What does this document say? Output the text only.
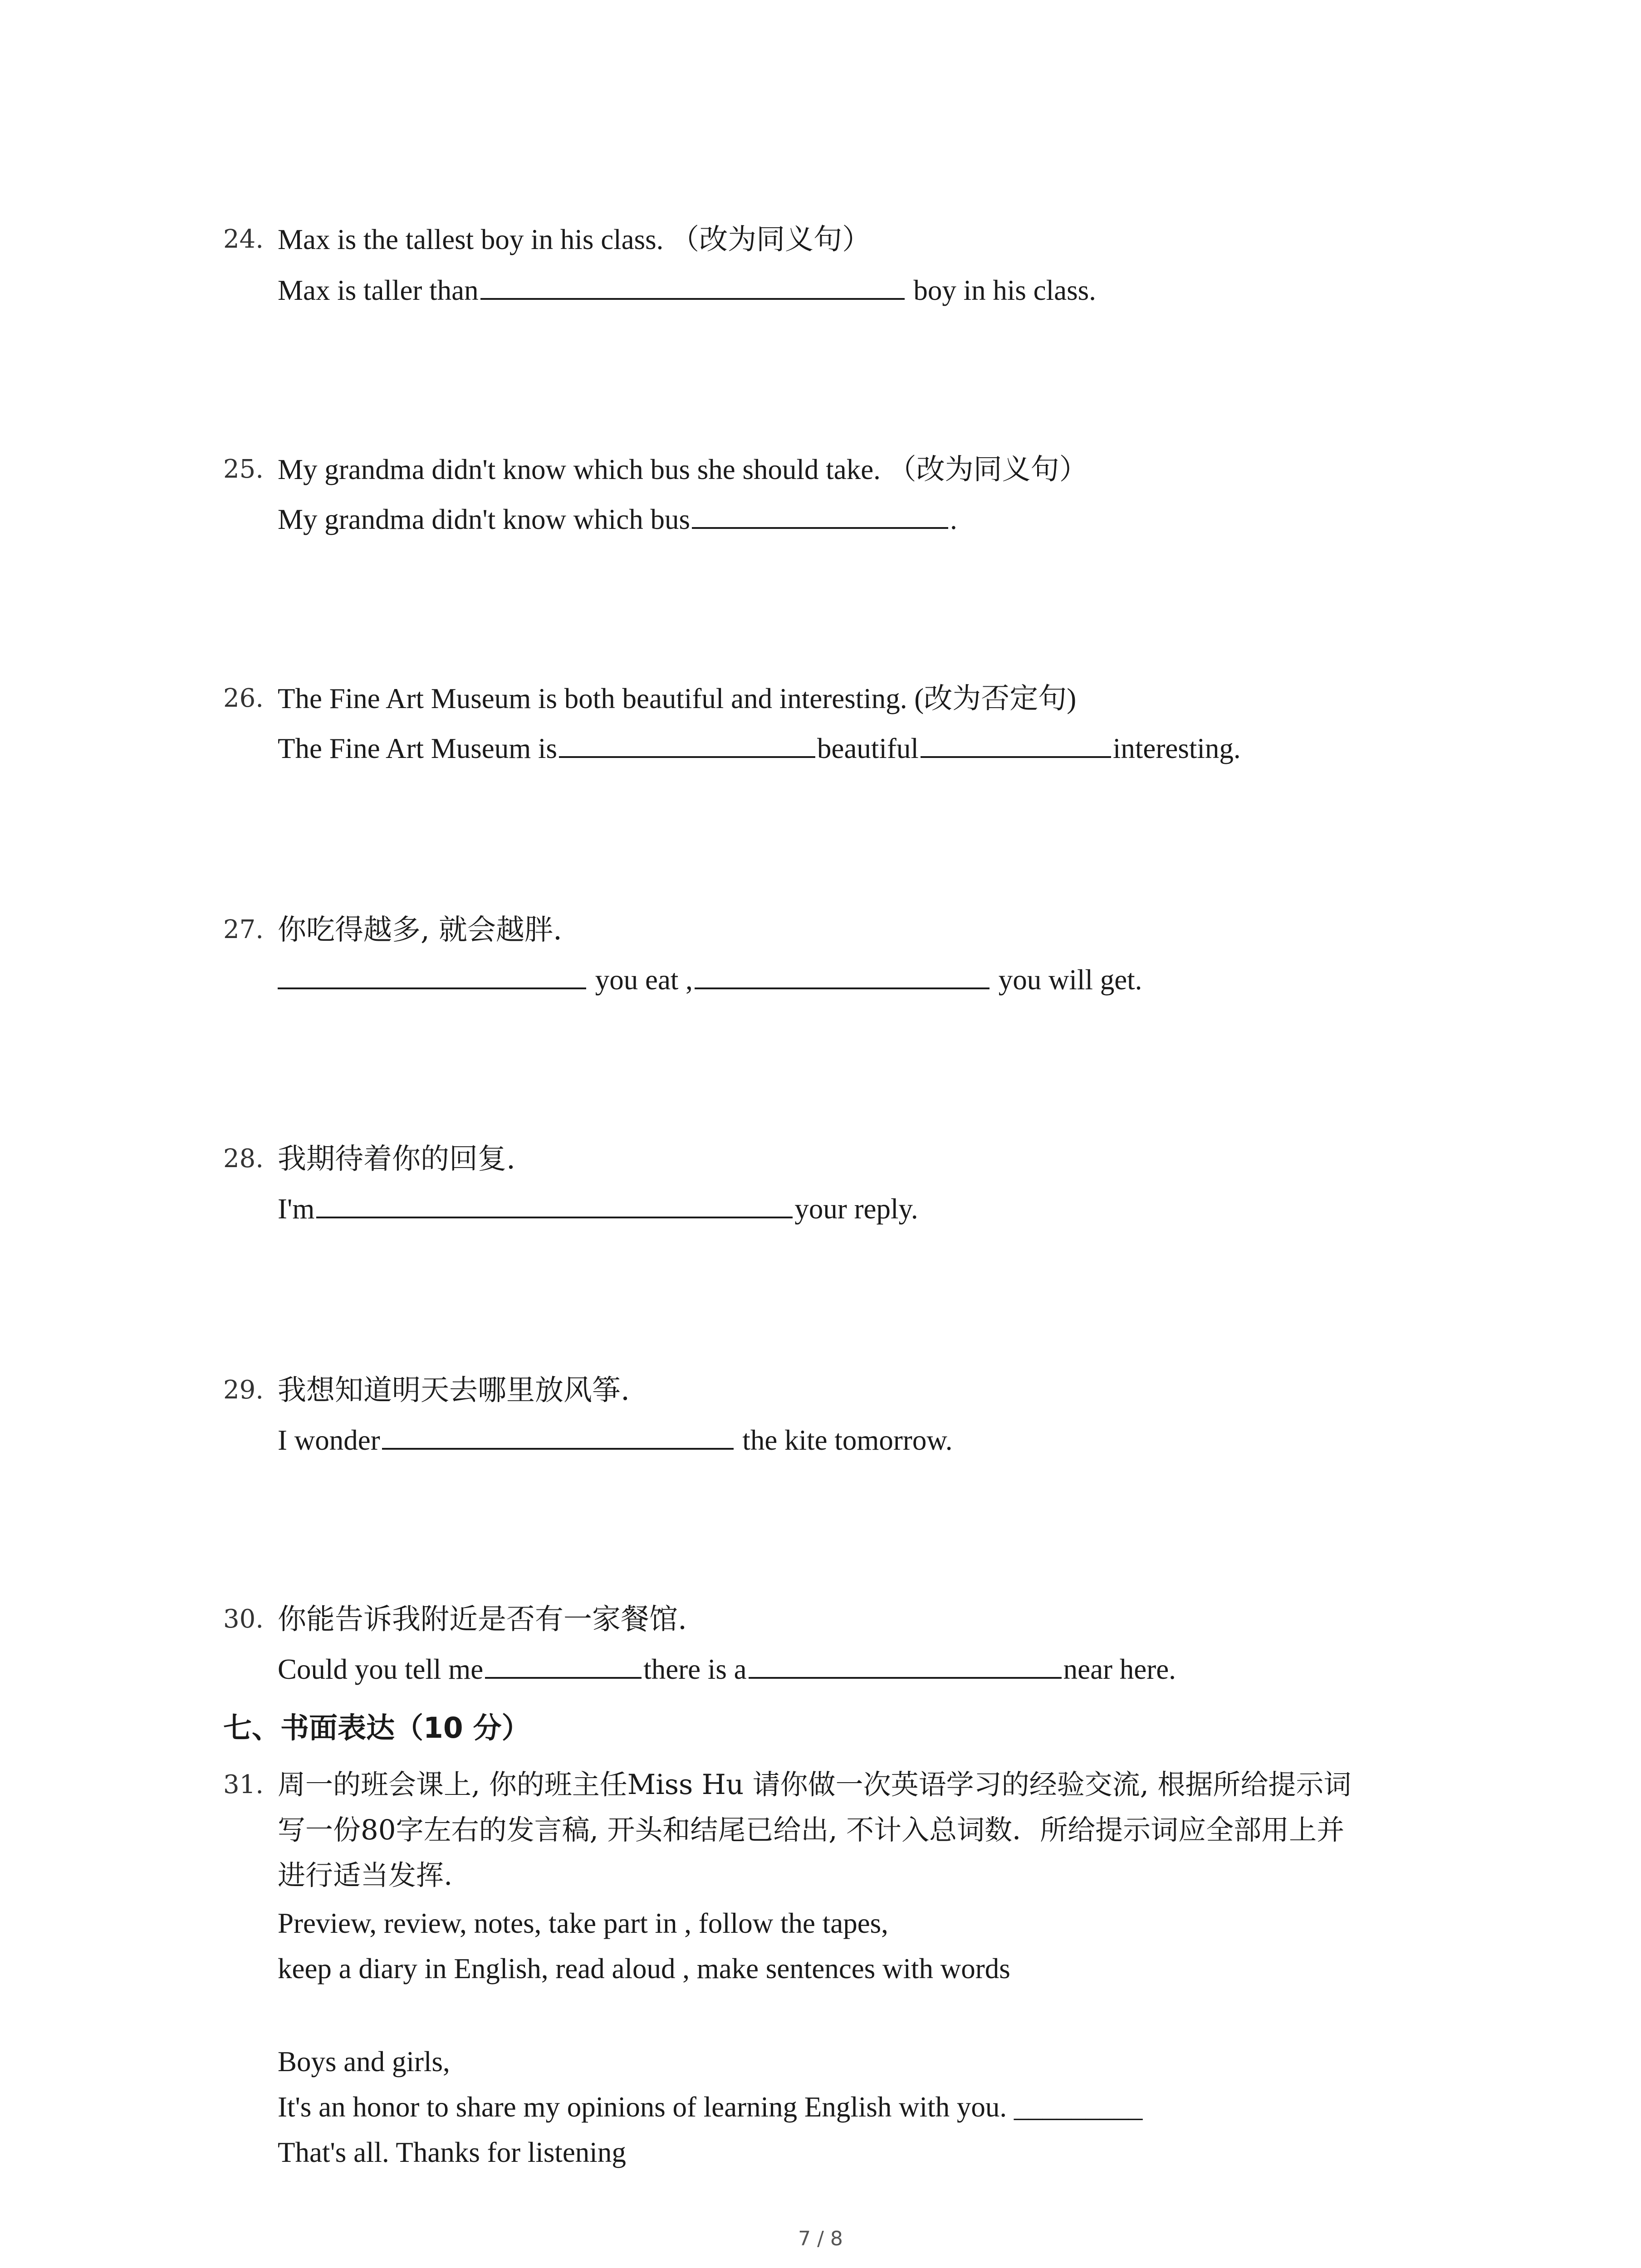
24. Max is the tallest boy in his class. （改为同义句）
Max is taller than	boy in his class.
25. My grandma didn't know which bus she should take. （改为同义句）
My grandma didn't know which bus	.
26. The Fine Art Museum is both beautiful and interesting. (改为否定句)
The Fine Art Museum is	beautiful	interesting.
27. 你吃得越多, 就会越胖.
you eat ,	you will get.
28. 我期待着你的回复.
I'm	your reply.
29. 我想知道明天去哪里放风筝.
I wonder	the kite tomorrow.
30. 你能告诉我附近是否有一家餐馆.
Could you tell me	there is a	near here.
七、书面表达（10 分）
31. 周一的班会课上, 你的班主任Miss Hu 请你做一次英语学习的经验交流, 根据所给提示词
写一份80字左右的发言稿, 开头和结尾已给出, 不计入总词数．所给提示词应全部用上并
进行适当发挥.
Preview, review, notes, take part in , follow the tapes,
keep a diary in English, read aloud , make sentences with words
Boys and girls,
It's an honor to share my opinions of learning English with you. _________
That's all. Thanks for listening
7 / 8
